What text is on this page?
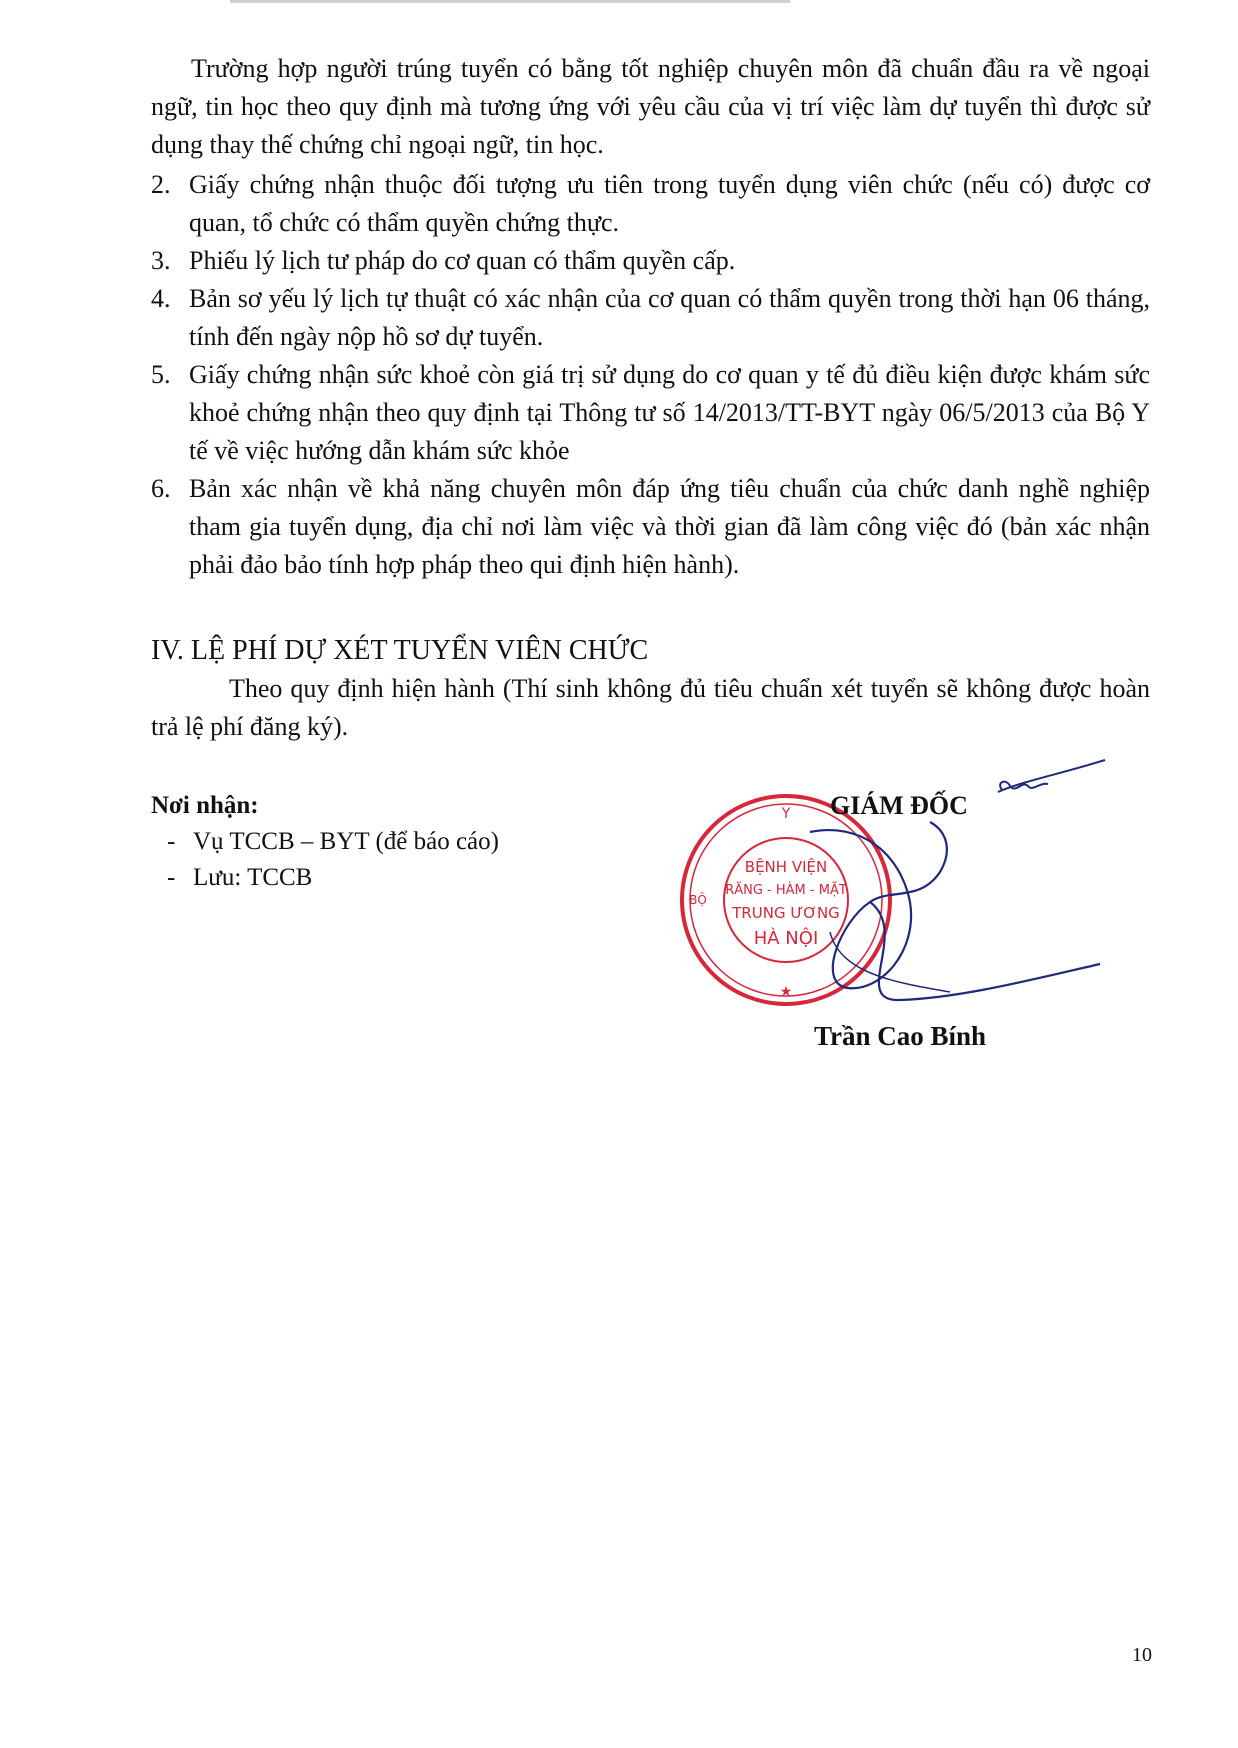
Trường hợp người trúng tuyển có bằng tốt nghiệp chuyên môn đã chuẩn đầu ra về ngoại ngữ, tin học theo quy định mà tương ứng với yêu cầu của vị trí việc làm dự tuyển thì được sử dụng thay thế chứng chỉ ngoại ngữ, tin học.

2. Giấy chứng nhận thuộc đối tượng ưu tiên trong tuyển dụng viên chức (nếu có) được cơ quan, tổ chức có thẩm quyền chứng thực.
3. Phiếu lý lịch tư pháp do cơ quan có thẩm quyền cấp.
4. Bản sơ yếu lý lịch tự thuật có xác nhận của cơ quan có thẩm quyền trong thời hạn 06 tháng, tính đến ngày nộp hồ sơ dự tuyển.
5. Giấy chứng nhận sức khoẻ còn giá trị sử dụng do cơ quan y tế đủ điều kiện được khám sức khoẻ chứng nhận theo quy định tại Thông tư số 14/2013/TT-BYT ngày 06/5/2013 của Bộ Y tế về việc hướng dẫn khám sức khỏe
6. Bản xác nhận về khả năng chuyên môn đáp ứng tiêu chuẩn của chức danh nghề nghiệp tham gia tuyển dụng, địa chỉ nơi làm việc và thời gian đã làm công việc đó (bản xác nhận phải đảo bảo tính hợp pháp theo qui định hiện hành).
IV. LỆ PHÍ DỰ XÉT TUYỂN VIÊN CHỨC

Theo quy định hiện hành (Thí sinh không đủ tiêu chuẩn xét tuyển sẽ không được hoàn trả lệ phí đăng ký).

Nơi nhận:
- Vụ TCCB – BYT (để báo cáo)
- Lưu: TCCB
Y
BỘ
BỆNH VIỆN
RĂNG - HÀM - MẶT
TRUNG ƯƠNG
HÀ NỘI
★
GIÁM ĐỐC
Trần Cao Bính
10
